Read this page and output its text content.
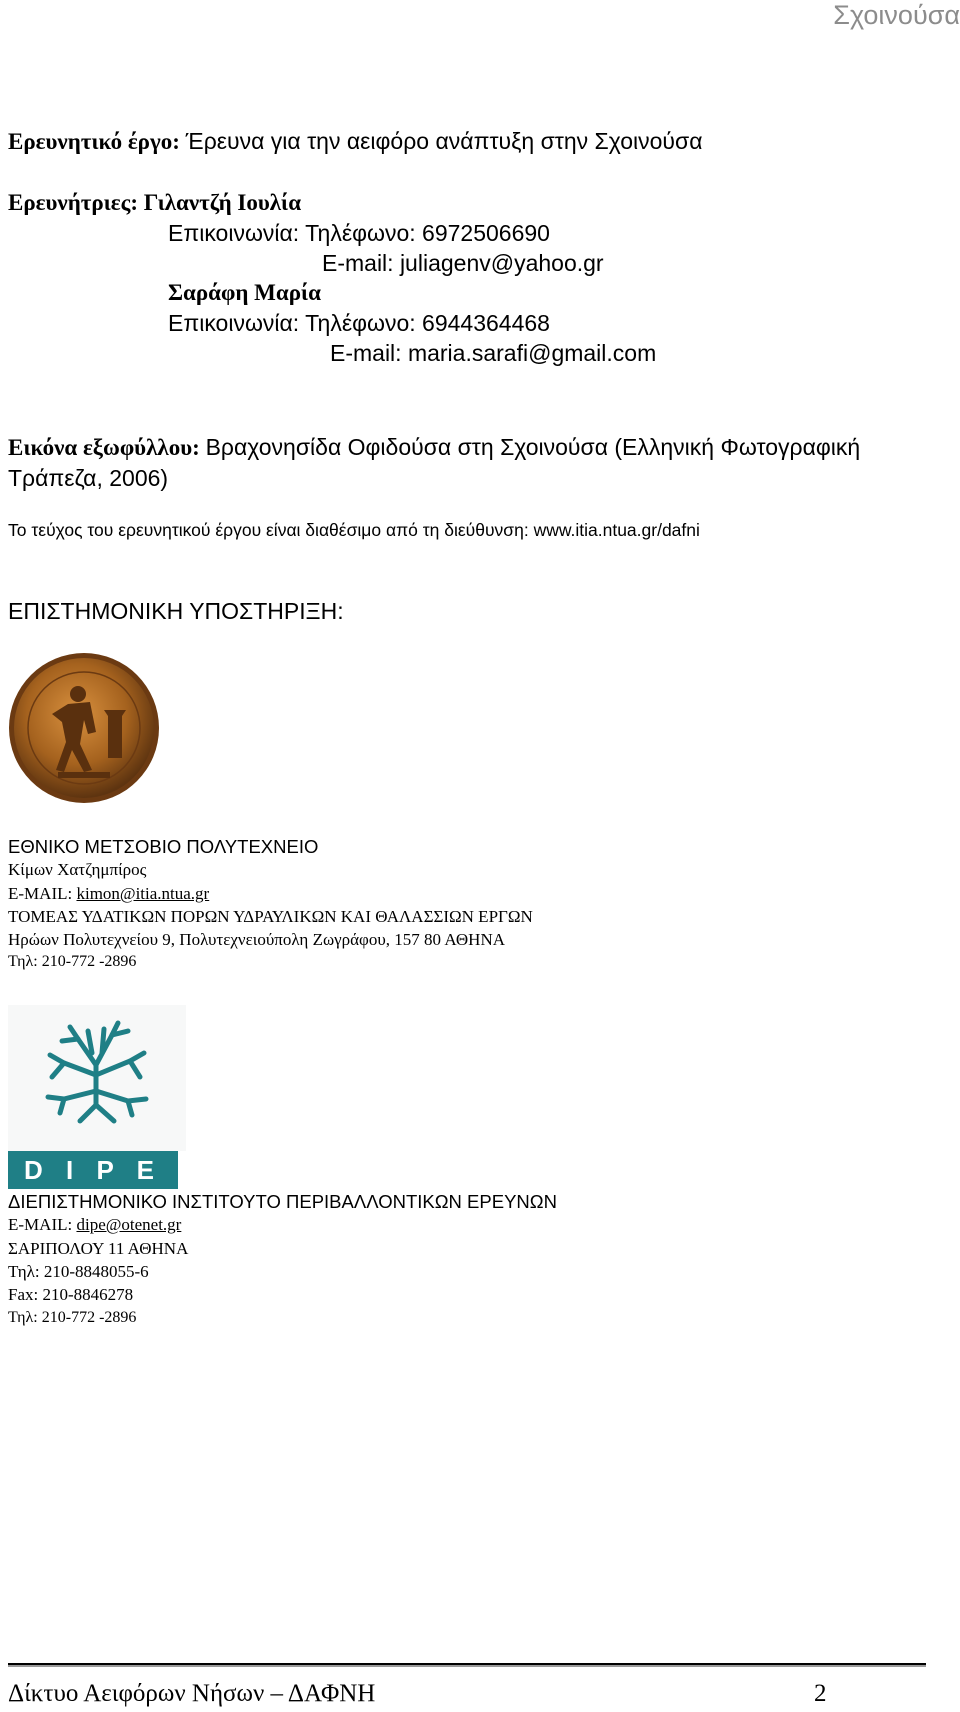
Σχοινούσα
Ερευνητικό έργο: Έρευνα για την αειφόρο ανάπτυξη στην Σχοινούσα
Ερευνήτριες: Γιλαντζή Ιουλία
Επικοινωνία: Τηλέφωνο: 6972506690
E-mail: juliagenv@yahoo.gr
Σαράφη Μαρία
Επικοινωνία: Τηλέφωνο: 6944364468
E-mail: maria.sarafi@gmail.com
Εικόνα εξωφύλλου: Βραχονησίδα Οφιδούσα στη Σχοινούσα (Ελληνική Φωτογραφική
Τράπεζα, 2006)
Το τεύχος του ερευνητικού έργου είναι διαθέσιμο από τη διεύθυνση: www.itia.ntua.gr/dafni
ΕΠΙΣΤΗΜΟΝΙΚΗ ΥΠΟΣΤΗΡΙΞΗ:
ΕΘΝΙΚΟ ΜΕΤΣΟΒΙΟ ΠΟΛΥΤΕΧΝΕΙΟ
Κίμων Χατζημπίρος
E-MAIL: kimon@itia.ntua.gr
ΤΟΜΕΑΣ ΥΔΑΤΙΚΩΝ ΠΟΡΩΝ ΥΔΡΑΥΛΙΚΩΝ ΚΑΙ ΘΑΛΑΣΣΙΩΝ ΕΡΓΩΝ
Ηρώων Πολυτεχνείου 9, Πολυτεχνειούπολη Ζωγράφου, 157 80 ΑΘΗΝΑ
Τηλ: 210-772 -2896
D I P E
ΔΙΕΠΙΣΤΗΜΟΝΙΚΟ ΙΝΣΤΙΤΟΥΤΟ ΠΕΡΙΒΑΛΛΟΝΤΙΚΩΝ ΕΡΕΥΝΩΝ
E-MAIL: dipe@otenet.gr
ΣΑΡΙΠΟΛΟΥ 11 ΑΘΗΝΑ
Τηλ: 210-8848055-6
Fax: 210-8846278
Τηλ: 210-772 -2896
Δίκτυο Αειφόρων Νήσων – ΔΑΦΝΗ	2
